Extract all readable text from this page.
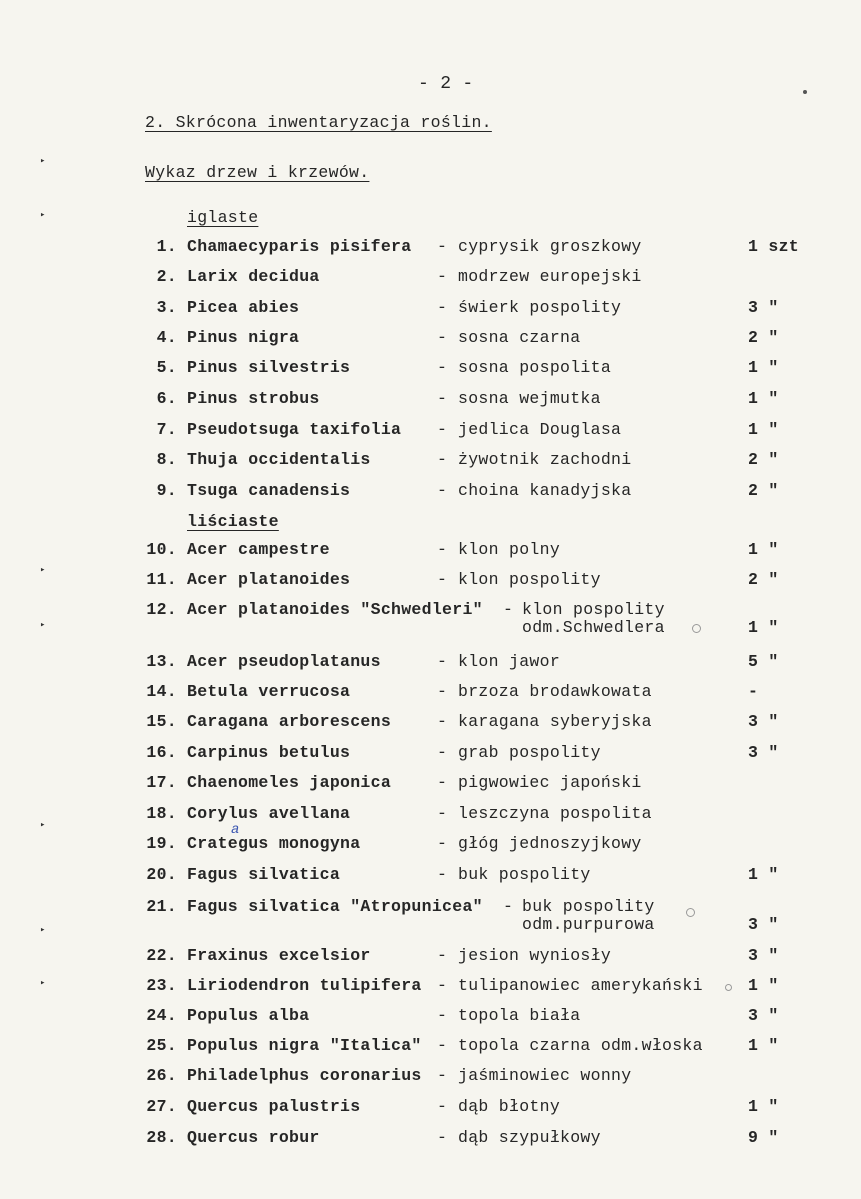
▸
▸
▸
▸
▸
▸
▸
- 2 -
2. Skrócona inwentaryzacja roślin.
Wykaz drzew i krzewów.
iglaste
liściaste
1. Chamaecyparis pisifera - cyprysik groszkowy	1 szt
2. Larix decidua	- modrzew europejski
3. Picea abies	- świerk pospolity	3 "
4. Pinus nigra	- sosna czarna	2 "
5. Pinus silvestris	- sosna pospolita	1 "
6. Pinus strobus	- sosna wejmutka	1 "
7. Pseudotsuga taxifolia - jedlica Douglasa	1 "
8. Thuja occidentalis	- żywotnik zachodni	2 "
9. Tsuga canadensis	- choina kanadyjska	2 "
10. Acer campestre	- klon polny	1 "
11. Acer platanoides	- klon pospolity	2 "
12. Acer platanoides "Schwedleri" - klon pospolity
odm.Schwedlera	1 "
13. Acer pseudoplatanus	- klon jawor	5 "
14. Betula verrucosa	- brzoza brodawkowata	-
15. Caragana arborescens	- karagana syberyjska	3 "
16. Carpinus betulus	- grab pospolity	3 "
17. Chaenomeles japonica	- pigwowiec japoński
18. Corylus avellana	- leszczyna pospolita
19. Crategus monogyna	- głóg jednoszyjkowy
20. Fagus silvatica	- buk pospolity	1 "
21. Fagus silvatica "Atropunicea" - buk pospolity
odm.purpurowa	3 "
22. Fraxinus excelsior	- jesion wyniosły	3 "
23. Liriodendron tulipifera - tulipanowiec amerykański	1 "
24. Populus alba	- topola biała	3 "
25. Populus nigra "Italica" - topola czarna odm.włoska	1 "
26. Philadelphus coronarius - jaśminowiec wonny
27. Quercus palustris	- dąb błotny	1 "
28. Quercus robur	- dąb szypułkowy	9 "
a
